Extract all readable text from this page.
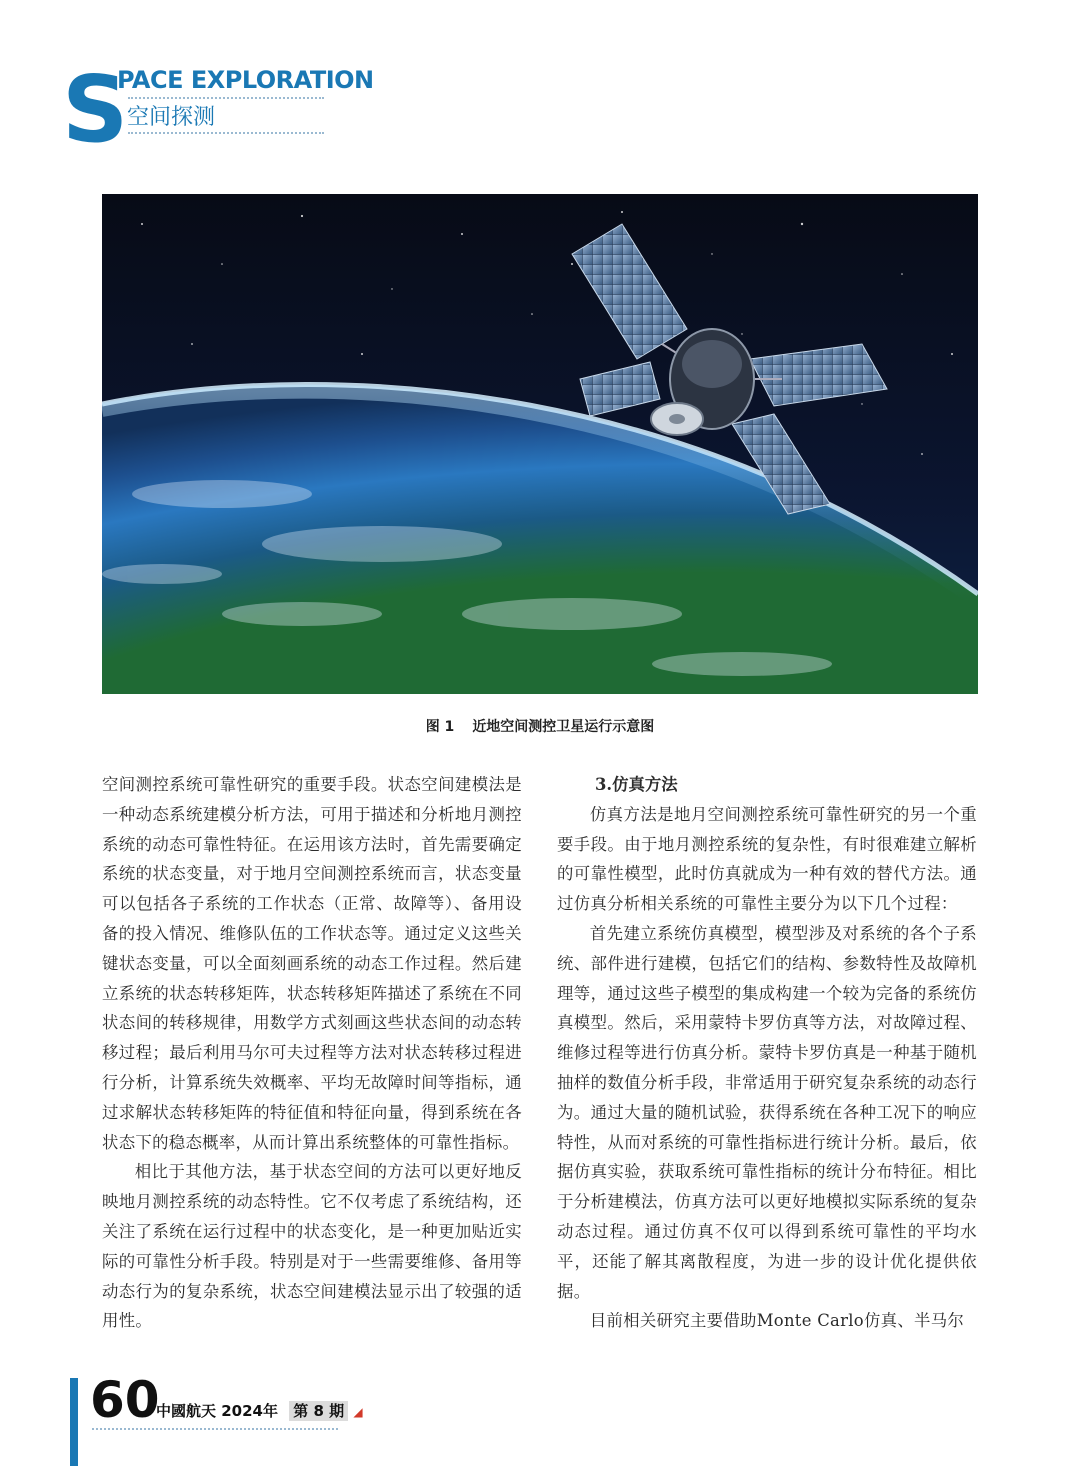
S
PACE EXPLORATION
空间探测
图 1 近地空间测控卫星运行示意图

空间测控系统可靠性研究的重要手段。状态空间建模法是一种动态系统建模分析方法，可用于描述和分析地月测控系统的动态可靠性特征。在运用该方法时，首先需要确定系统的状态变量，对于地月空间测控系统而言，状态变量可以包括各子系统的工作状态（正常、故障等）、备用设备的投入情况、维修队伍的工作状态等。通过定义这些关键状态变量，可以全面刻画系统的动态工作过程。然后建立系统的状态转移矩阵，状态转移矩阵描述了系统在不同状态间的转移规律，用数学方式刻画这些状态间的动态转移过程；最后利用马尔可夫过程等方法对状态转移过程进行分析，计算系统失效概率、平均无故障时间等指标，通过求解状态转移矩阵的特征值和特征向量，得到系统在各状态下的稳态概率，从而计算出系统整体的可靠性指标。

相比于其他方法，基于状态空间的方法可以更好地反映地月测控系统的动态特性。它不仅考虑了系统结构，还关注了系统在运行过程中的状态变化，是一种更加贴近实际的可靠性分析手段。特别是对于一些需要维修、备用等动态行为的复杂系统，状态空间建模法显示出了较强的适用性。

3.仿真方法

仿真方法是地月空间测控系统可靠性研究的另一个重要手段。由于地月测控系统的复杂性，有时很难建立解析的可靠性模型，此时仿真就成为一种有效的替代方法。通过仿真分析相关系统的可靠性主要分为以下几个过程：

首先建立系统仿真模型，模型涉及对系统的各个子系统、部件进行建模，包括它们的结构、参数特性及故障机理等，通过这些子模型的集成构建一个较为完备的系统仿真模型。然后，采用蒙特卡罗仿真等方法，对故障过程、维修过程等进行仿真分析。蒙特卡罗仿真是一种基于随机抽样的数值分析手段，非常适用于研究复杂系统的动态行为。通过大量的随机试验，获得系统在各种工况下的响应特性，从而对系统的可靠性指标进行统计分析。最后，依据仿真实验，获取系统可靠性指标的统计分布特征。相比于分析建模法，仿真方法可以更好地模拟实际系统的复杂动态过程。通过仿真不仅可以得到系统可靠性的平均水平，还能了解其离散程度，为进一步的设计优化提供依据。

目前相关研究主要借助Monte Carlo仿真、半马尔

60
中國航天 2024年 第 8 期 ◢
